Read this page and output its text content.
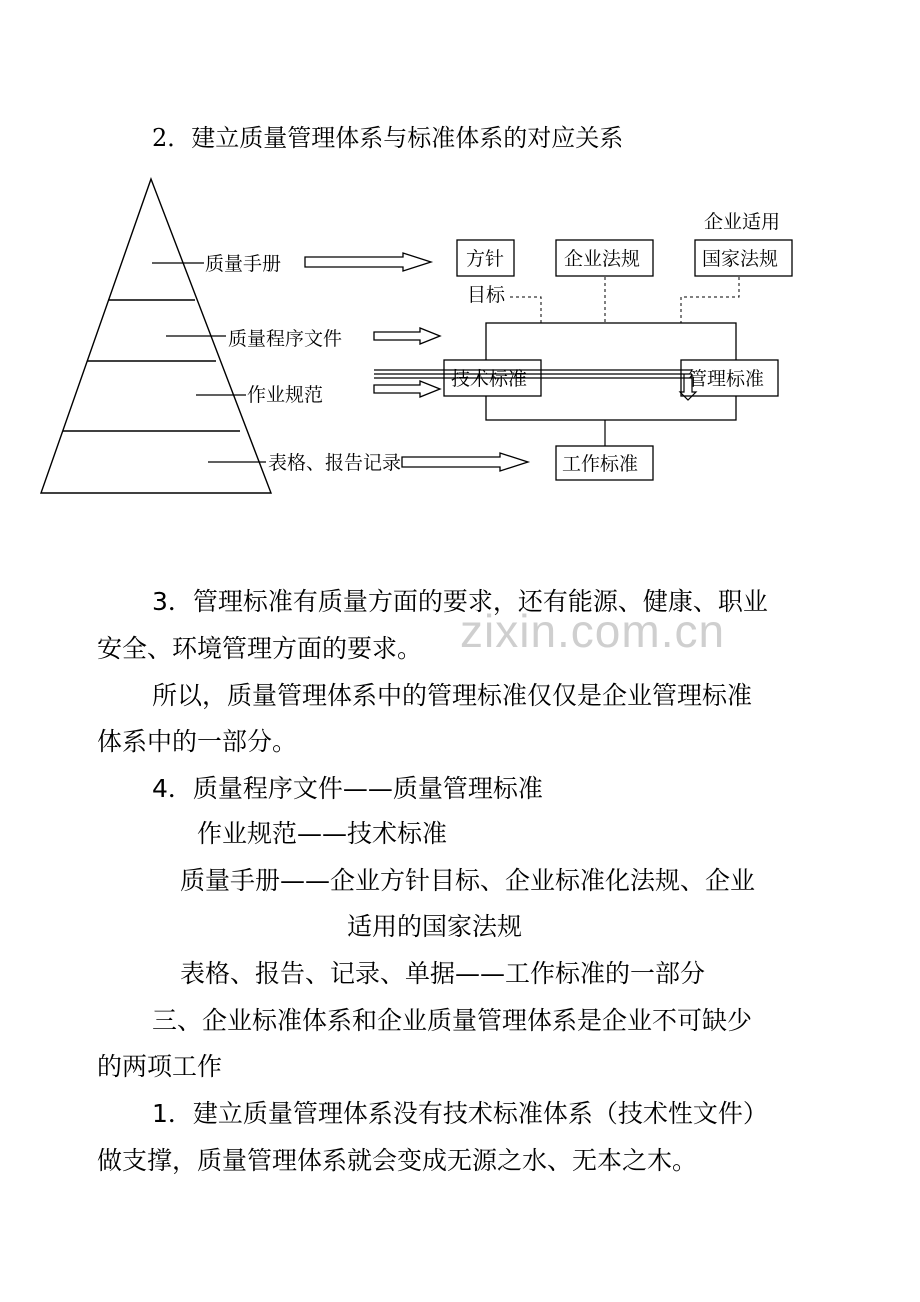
2．建立质量管理体系与标准体系的对应关系
质量手册
质量程序文件
作业规范
表格、报告记录
方针
目标
企业法规
企业适用
国家法规
技术标准	管理标准
工作标准
zixin.com.cn

3．管理标准有质量方面的要求，还有能源、健康、职业

安全、环境管理方面的要求。

所以，质量管理体系中的管理标准仅仅是企业管理标准

体系中的一部分。

4．质量程序文件——质量管理标准

作业规范——技术标准

质量手册——企业方针目标、企业标准化法规、企业

适用的国家法规

表格、报告、记录、单据——工作标准的一部分

三、企业标准体系和企业质量管理体系是企业不可缺少

的两项工作

1．建立质量管理体系没有技术标准体系（技术性文件）

做支撑，质量管理体系就会变成无源之水、无本之木。
